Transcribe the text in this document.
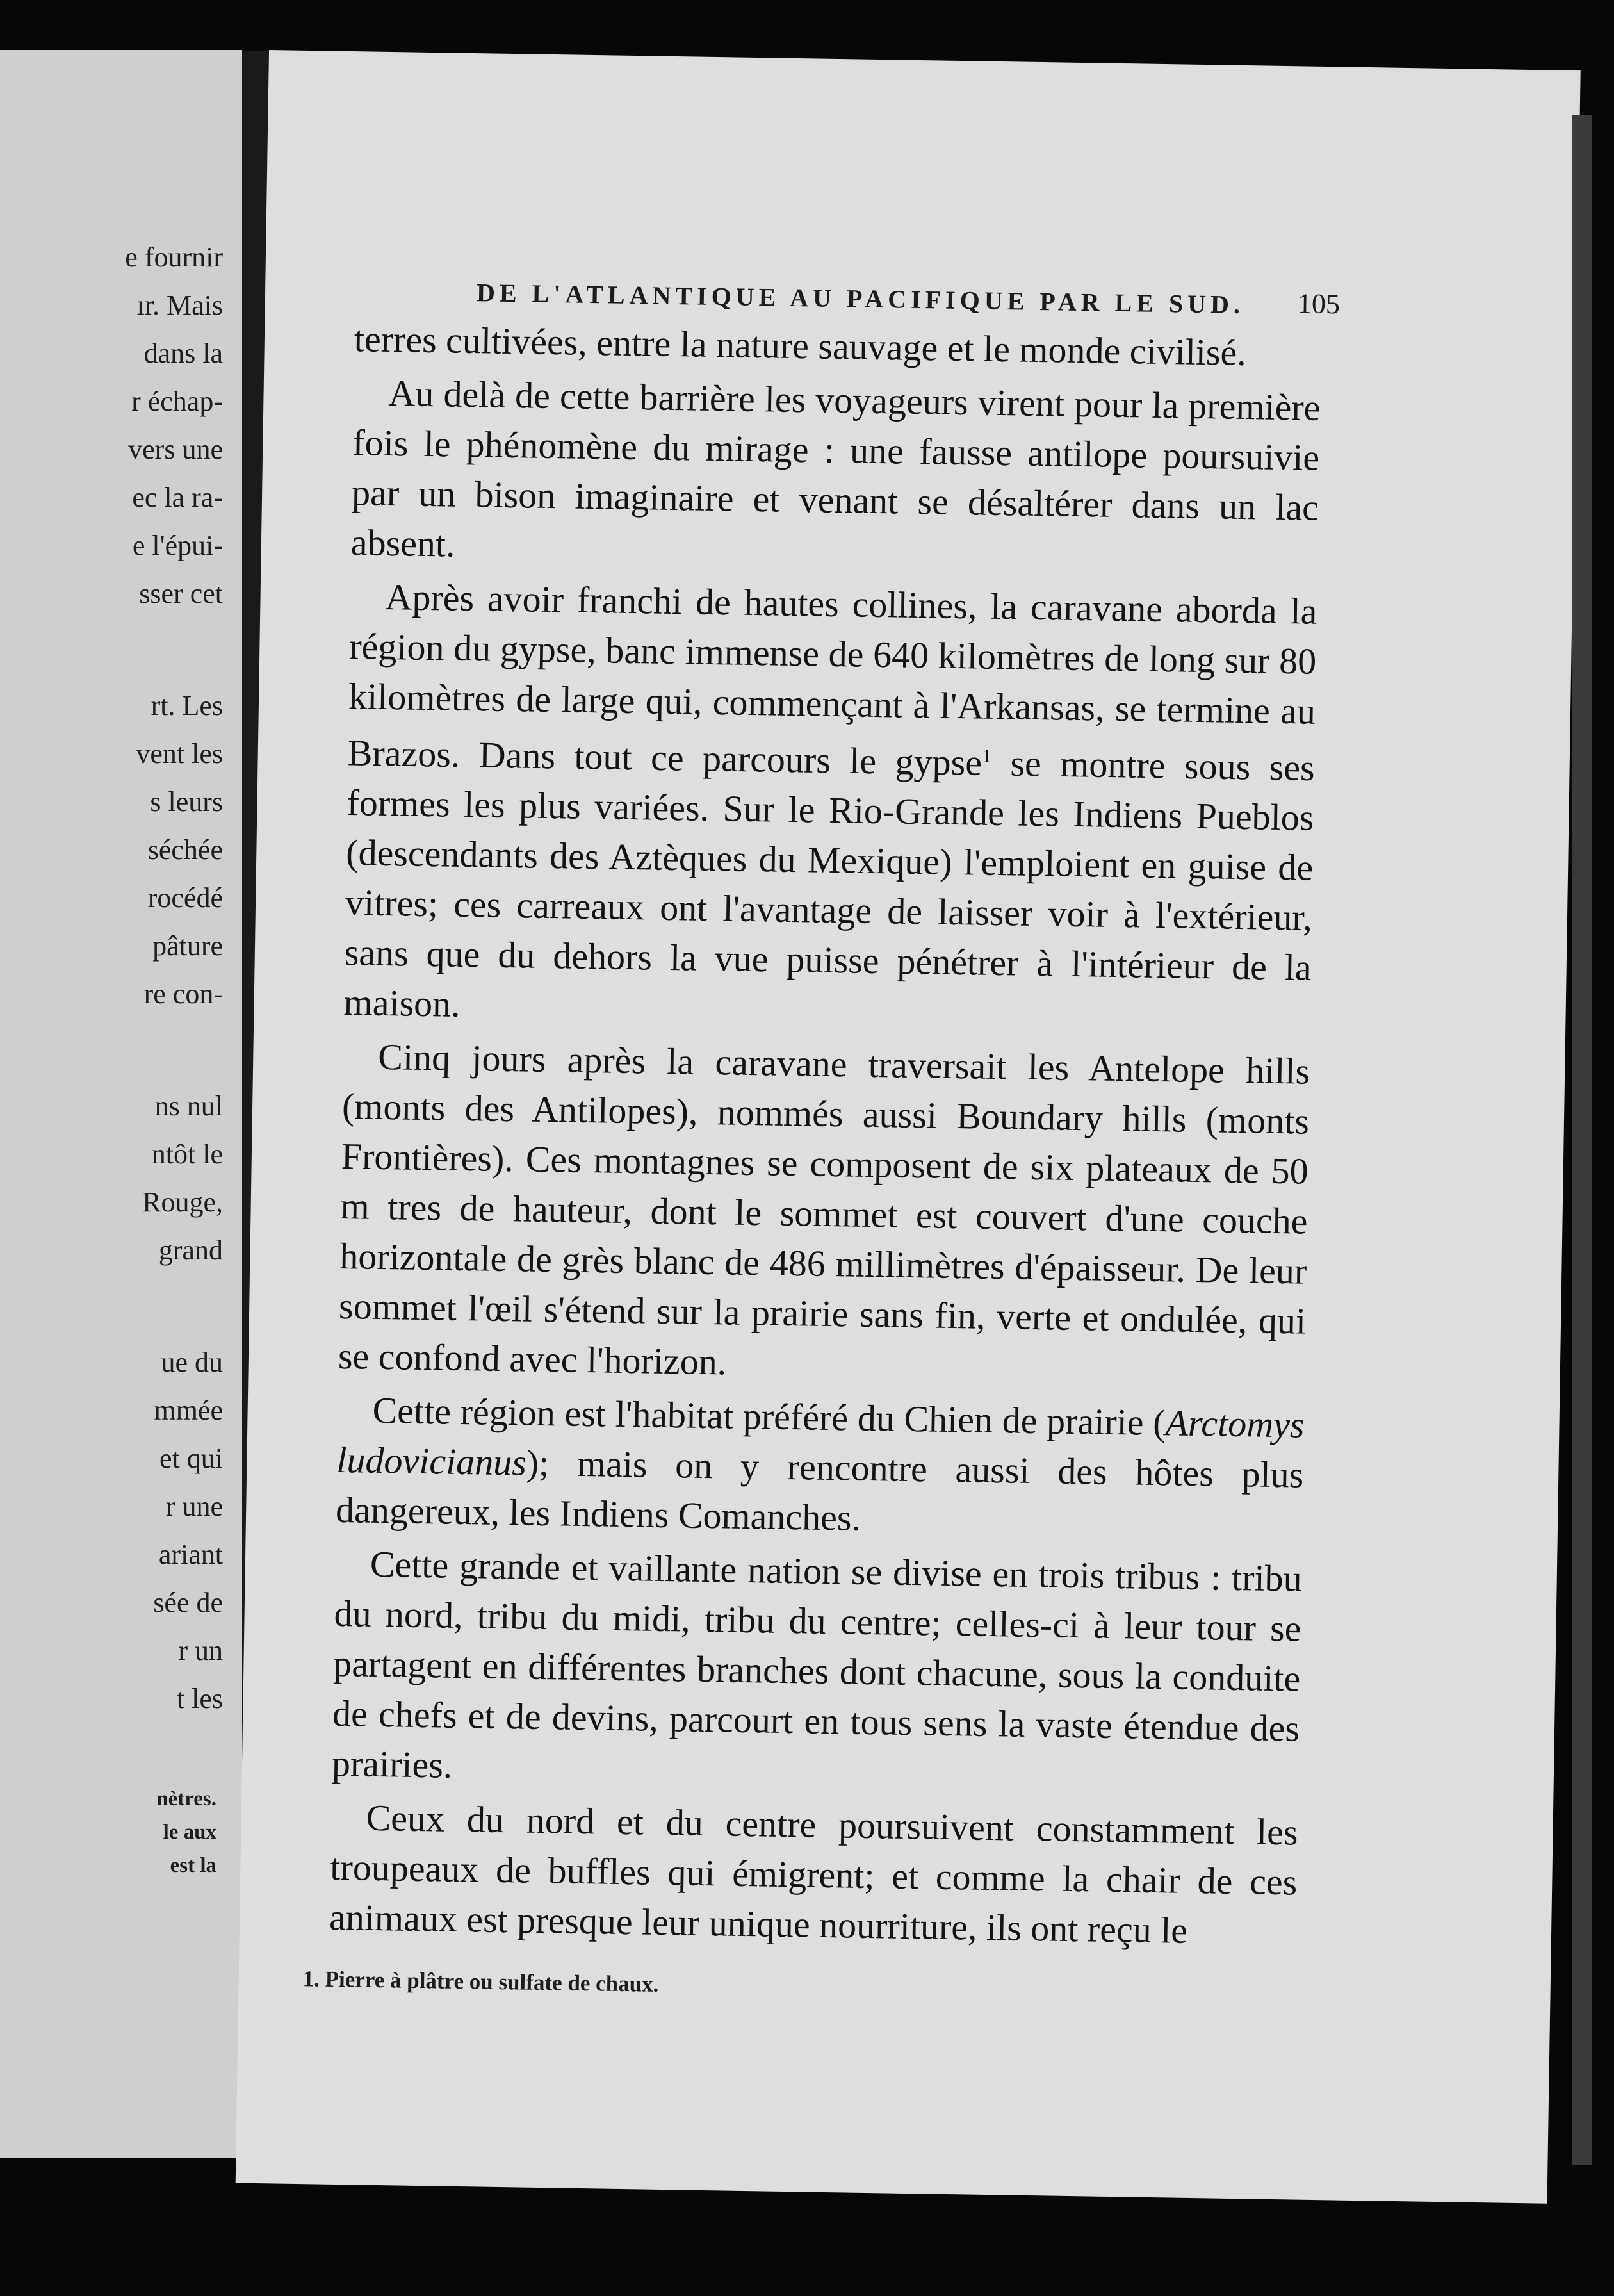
e fournir
ır. Mais
dans la
r échap-
vers une
ec la ra-
e l'épui-
sser cet
rt. Les
vent les
s leurs
séchée
rocédé
pâture
re con-
ns nul
ntôt le
Rouge,
grand
ue du
mmée
et qui
r une
ariant
sée de
r un
t les
nètres.
le aux
est la
DE L'ATLANTIQUE AU PACIFIQUE PAR LE SUD. 105

terres cultivées, entre la nature sauvage et le monde civilisé.

Au delà de cette barrière les voyageurs virent pour la première fois le phénomène du mirage : une fausse antilope poursuivie par un bison imaginaire et venant se désaltérer dans un lac absent.

Après avoir franchi de hautes collines, la caravane aborda la région du gypse, banc immense de 640 kilomètres de long sur 80 kilomètres de large qui, commençant à l'Arkansas, se termine au Brazos. Dans tout ce parcours le gypse$^1$ se montre sous ses formes les plus variées. Sur le Rio-Grande les Indiens Pueblos (descendants des Aztèques du Mexique) l'emploient en guise de vitres; ces carreaux ont l'avantage de laisser voir à l'extérieur, sans que du dehors la vue puisse pénétrer à l'intérieur de la maison.

Cinq jours après la caravane traversait les Antelope hills (monts des Antilopes), nommés aussi Boundary hills (monts Frontières). Ces montagnes se composent de six plateaux de 50 m tres de hauteur, dont le sommet est couvert d'une couche horizontale de grès blanc de 486 millimètres d'épaisseur. De leur sommet l'œil s'étend sur la prairie sans fin, verte et ondulée, qui se confond avec l'horizon.

Cette région est l'habitat préféré du Chien de prairie (Arctomys ludovicianus); mais on y rencontre aussi des hôtes plus dangereux, les Indiens Comanches.

Cette grande et vaillante nation se divise en trois tribus : tribu du nord, tribu du midi, tribu du centre; celles-ci à leur tour se partagent en différentes branches dont chacune, sous la conduite de chefs et de devins, parcourt en tous sens la vaste étendue des prairies.

Ceux du nord et du centre poursuivent constamment les troupeaux de buffles qui émigrent; et comme la chair de ces animaux est presque leur unique nourriture, ils ont reçu le

1. Pierre à plâtre ou sulfate de chaux.
